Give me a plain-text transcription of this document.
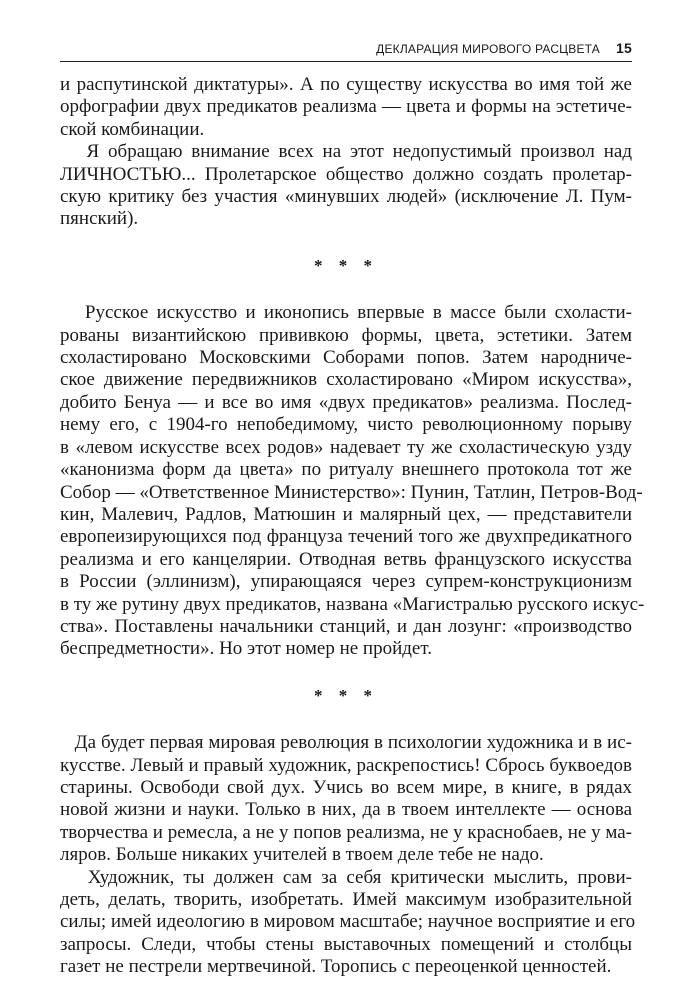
ДЕКЛАРАЦИЯ МИРОВОГО РАСЦВЕТА 15
и распутинской диктатуры». А по существу искусства во имя той же
орфографии двух предикатов реализма — цвета и формы на эстетиче-
ской комбинации.
Я обращаю внимание всех на этот недопустимый произвол над
ЛИЧНОСТЬЮ... Пролетарское общество должно создать пролетар-
скую критику без участия «минувших людей» (исключение Л. Пум-
пянский).

* * *

Русское искусство и иконопись впервые в массе были схоласти-
рованы византийскою прививкою формы, цвета, эстетики. Затем
схоластировано Московскими Соборами попов. Затем народниче-
ское движение передвижников схоластировано «Миром искусства»,
добито Бенуа — и все во имя «двух предикатов» реализма. Послед-
нему его, с 1904-го непобедимому, чисто революционному порыву
в «левом искусстве всех родов» надевает ту же схоластическую узду
«канонизма форм да цвета» по ритуалу внешнего протокола тот же
Собор — «Ответственное Министерство»: Пунин, Татлин, Петров-Вод-
кин, Малевич, Радлов, Матюшин и малярный цех, — представители
европеизирующихся под француза течений того же двухпредикатного
реализма и его канцелярии. Отводная ветвь французского искусства
в России (эллинизм), упирающаяся через супрем-конструкционизм
в ту же рутину двух предикатов, названа «Магистралью русского искус-
ства». Поставлены начальники станций, и дан лозунг: «производство
беспредметности». Но этот номер не пройдет.

* * *

Да будет первая мировая революция в психологии художника и в ис-
кусстве. Левый и правый художник, раскрепостись! Сбрось буквоедов
старины. Освободи свой дух. Учись во всем мире, в книге, в рядах
новой жизни и науки. Только в них, да в твоем интеллекте — основа
творчества и ремесла, а не у попов реализма, не у краснобаев, не у ма-
ляров. Больше никаких учителей в твоем деле тебе не надо.
Художник, ты должен сам за себя критически мыслить, прови-
деть, делать, творить, изобретать. Имей максимум изобразительной
силы; имей идеологию в мировом масштабе; научное восприятие и его
запросы. Следи, чтобы стены выставочных помещений и столбцы
газет не пестрели мертвечиной. Торопись с переоценкой ценностей.
